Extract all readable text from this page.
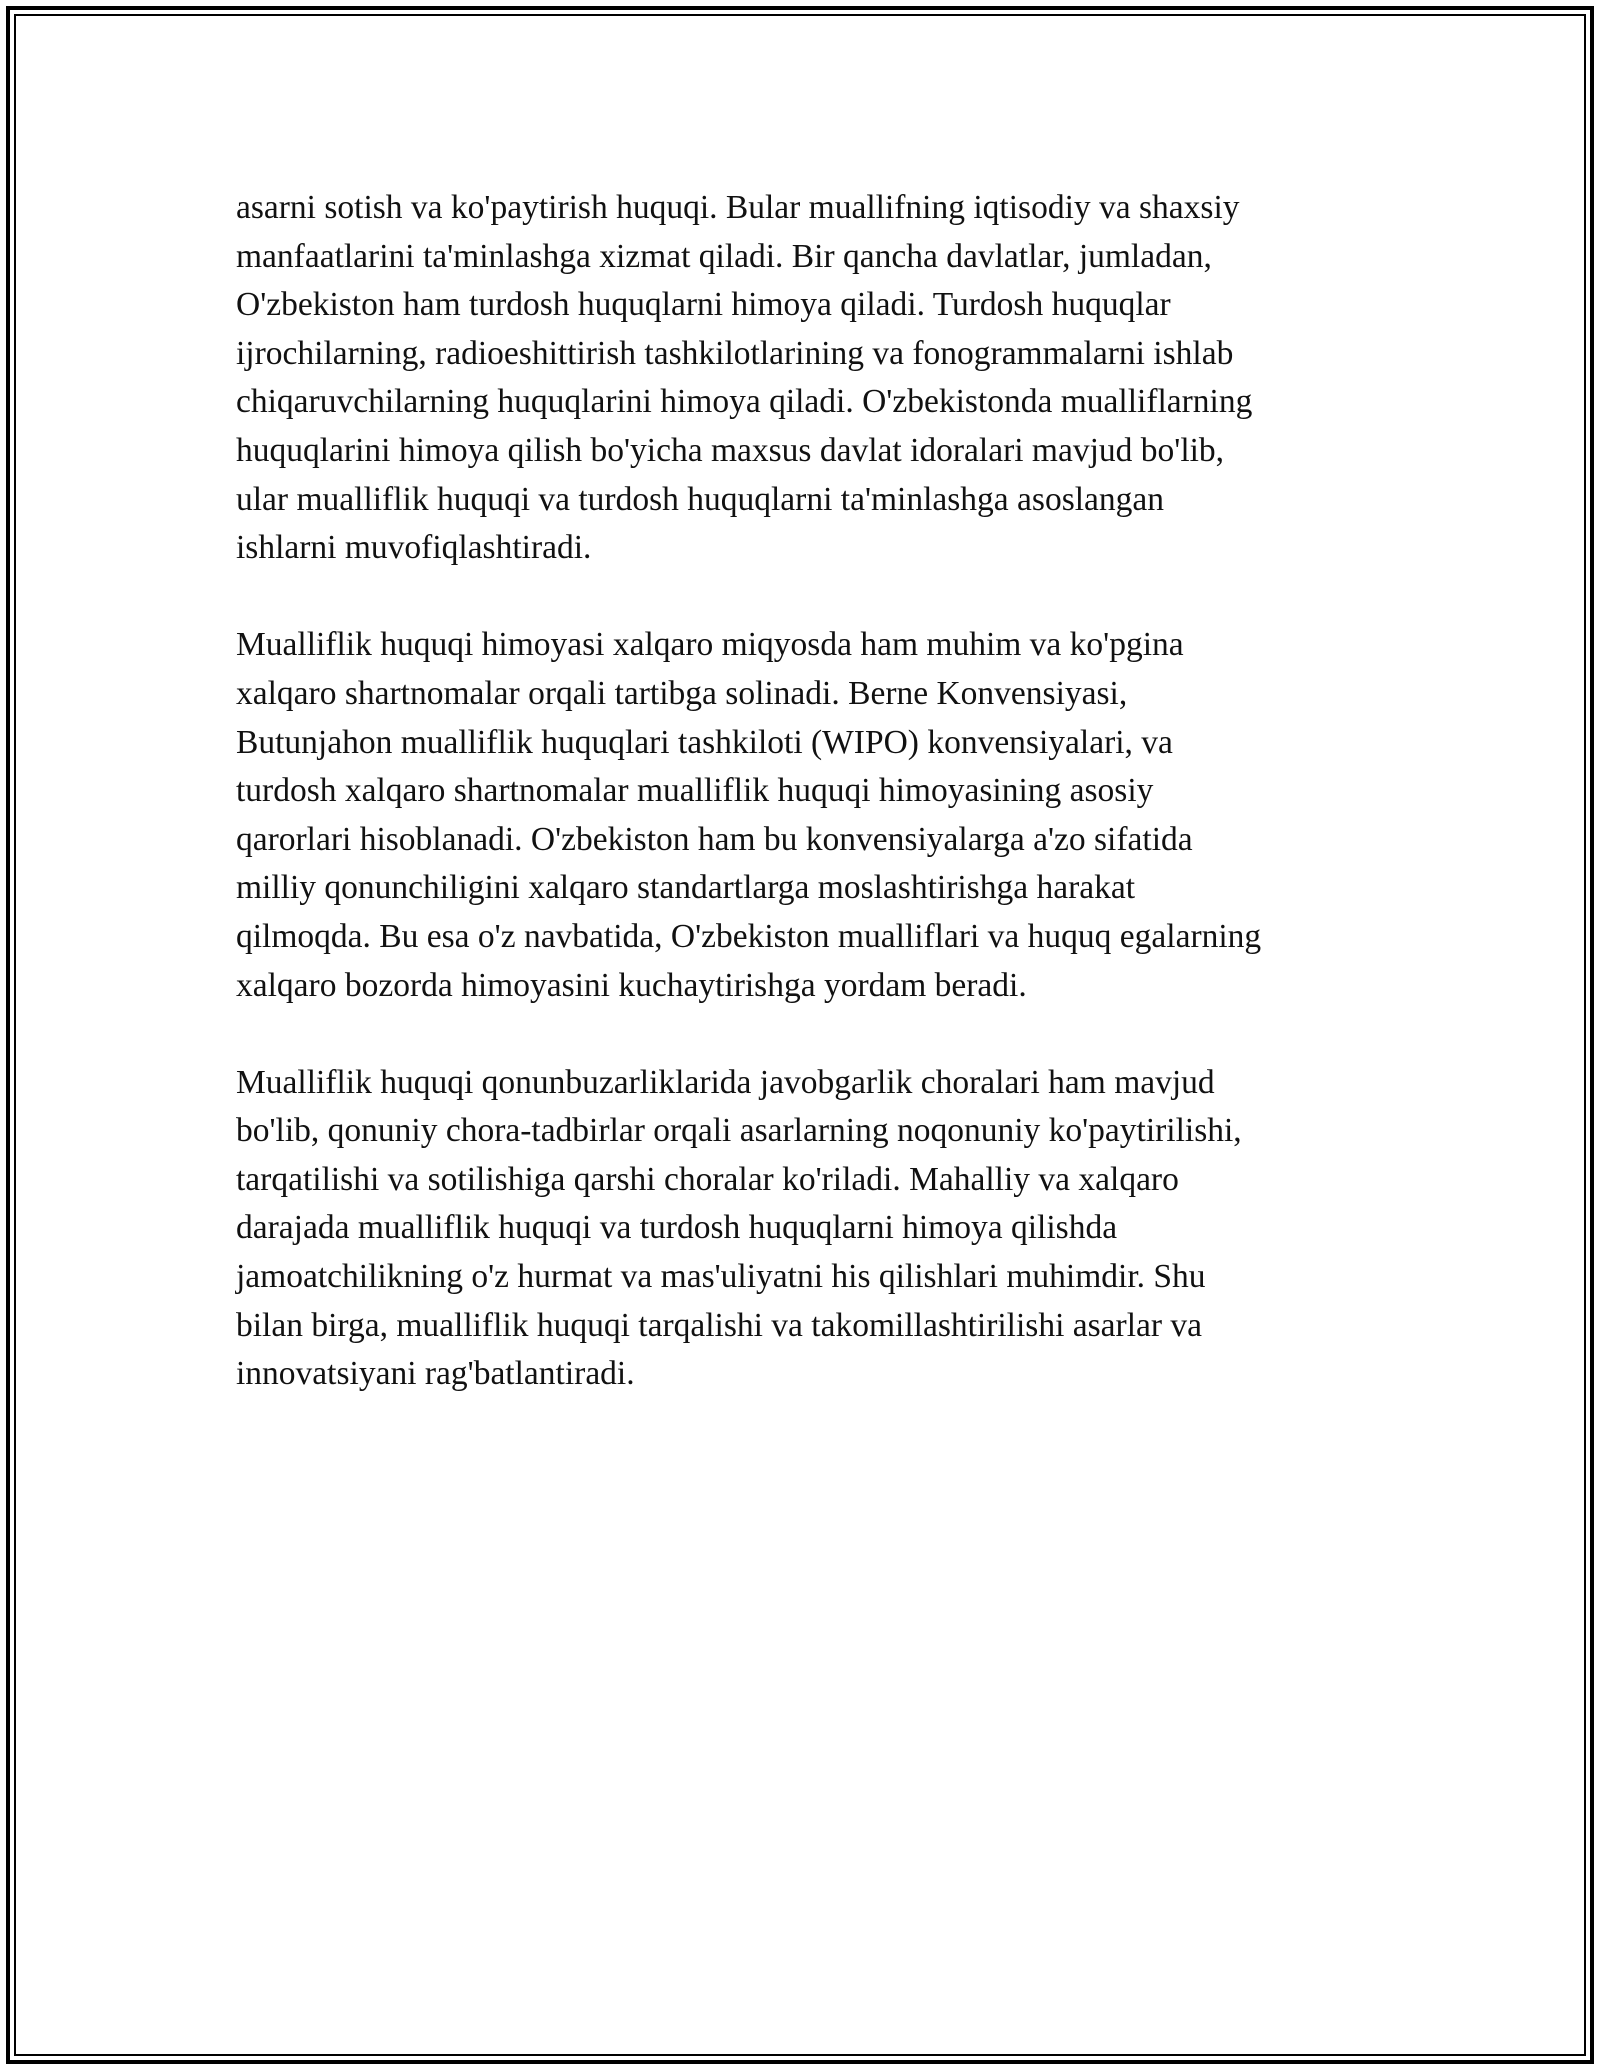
asarni sotish va ko'paytirish huquqi. Bular muallifning iqtisodiy va shaxsiy
manfaatlarini ta'minlashga xizmat qiladi. Bir qancha davlatlar, jumladan,
O'zbekiston ham turdosh huquqlarni himoya qiladi. Turdosh huquqlar
ijrochilarning, radioeshittirish tashkilotlarining va fonogrammalarni ishlab
chiqaruvchilarning huquqlarini himoya qiladi. O'zbekistonda mualliflarning
huquqlarini himoya qilish bo'yicha maxsus davlat idoralari mavjud bo'lib,
ular mualliflik huquqi va turdosh huquqlarni ta'minlashga asoslangan
ishlarni muvofiqlashtiradi.

Mualliflik huquqi himoyasi xalqaro miqyosda ham muhim va ko'pgina
xalqaro shartnomalar orqali tartibga solinadi. Berne Konvensiyasi,
Butunjahon mualliflik huquqlari tashkiloti (WIPO) konvensiyalari, va
turdosh xalqaro shartnomalar mualliflik huquqi himoyasining asosiy
qarorlari hisoblanadi. O'zbekiston ham bu konvensiyalarga a'zo sifatida
milliy qonunchiligini xalqaro standartlarga moslashtirishga harakat
qilmoqda. Bu esa o'z navbatida, O'zbekiston mualliflari va huquq egalarning
xalqaro bozorda himoyasini kuchaytirishga yordam beradi.

Mualliflik huquqi qonunbuzarliklarida javobgarlik choralari ham mavjud
bo'lib, qonuniy chora-tadbirlar orqali asarlarning noqonuniy ko'paytirilishi,
tarqatilishi va sotilishiga qarshi choralar ko'riladi. Mahalliy va xalqaro
darajada mualliflik huquqi va turdosh huquqlarni himoya qilishda
jamoatchilikning o'z hurmat va mas'uliyatni his qilishlari muhimdir. Shu
bilan birga, mualliflik huquqi tarqalishi va takomillashtirilishi asarlar va
innovatsiyani rag'batlantiradi.
